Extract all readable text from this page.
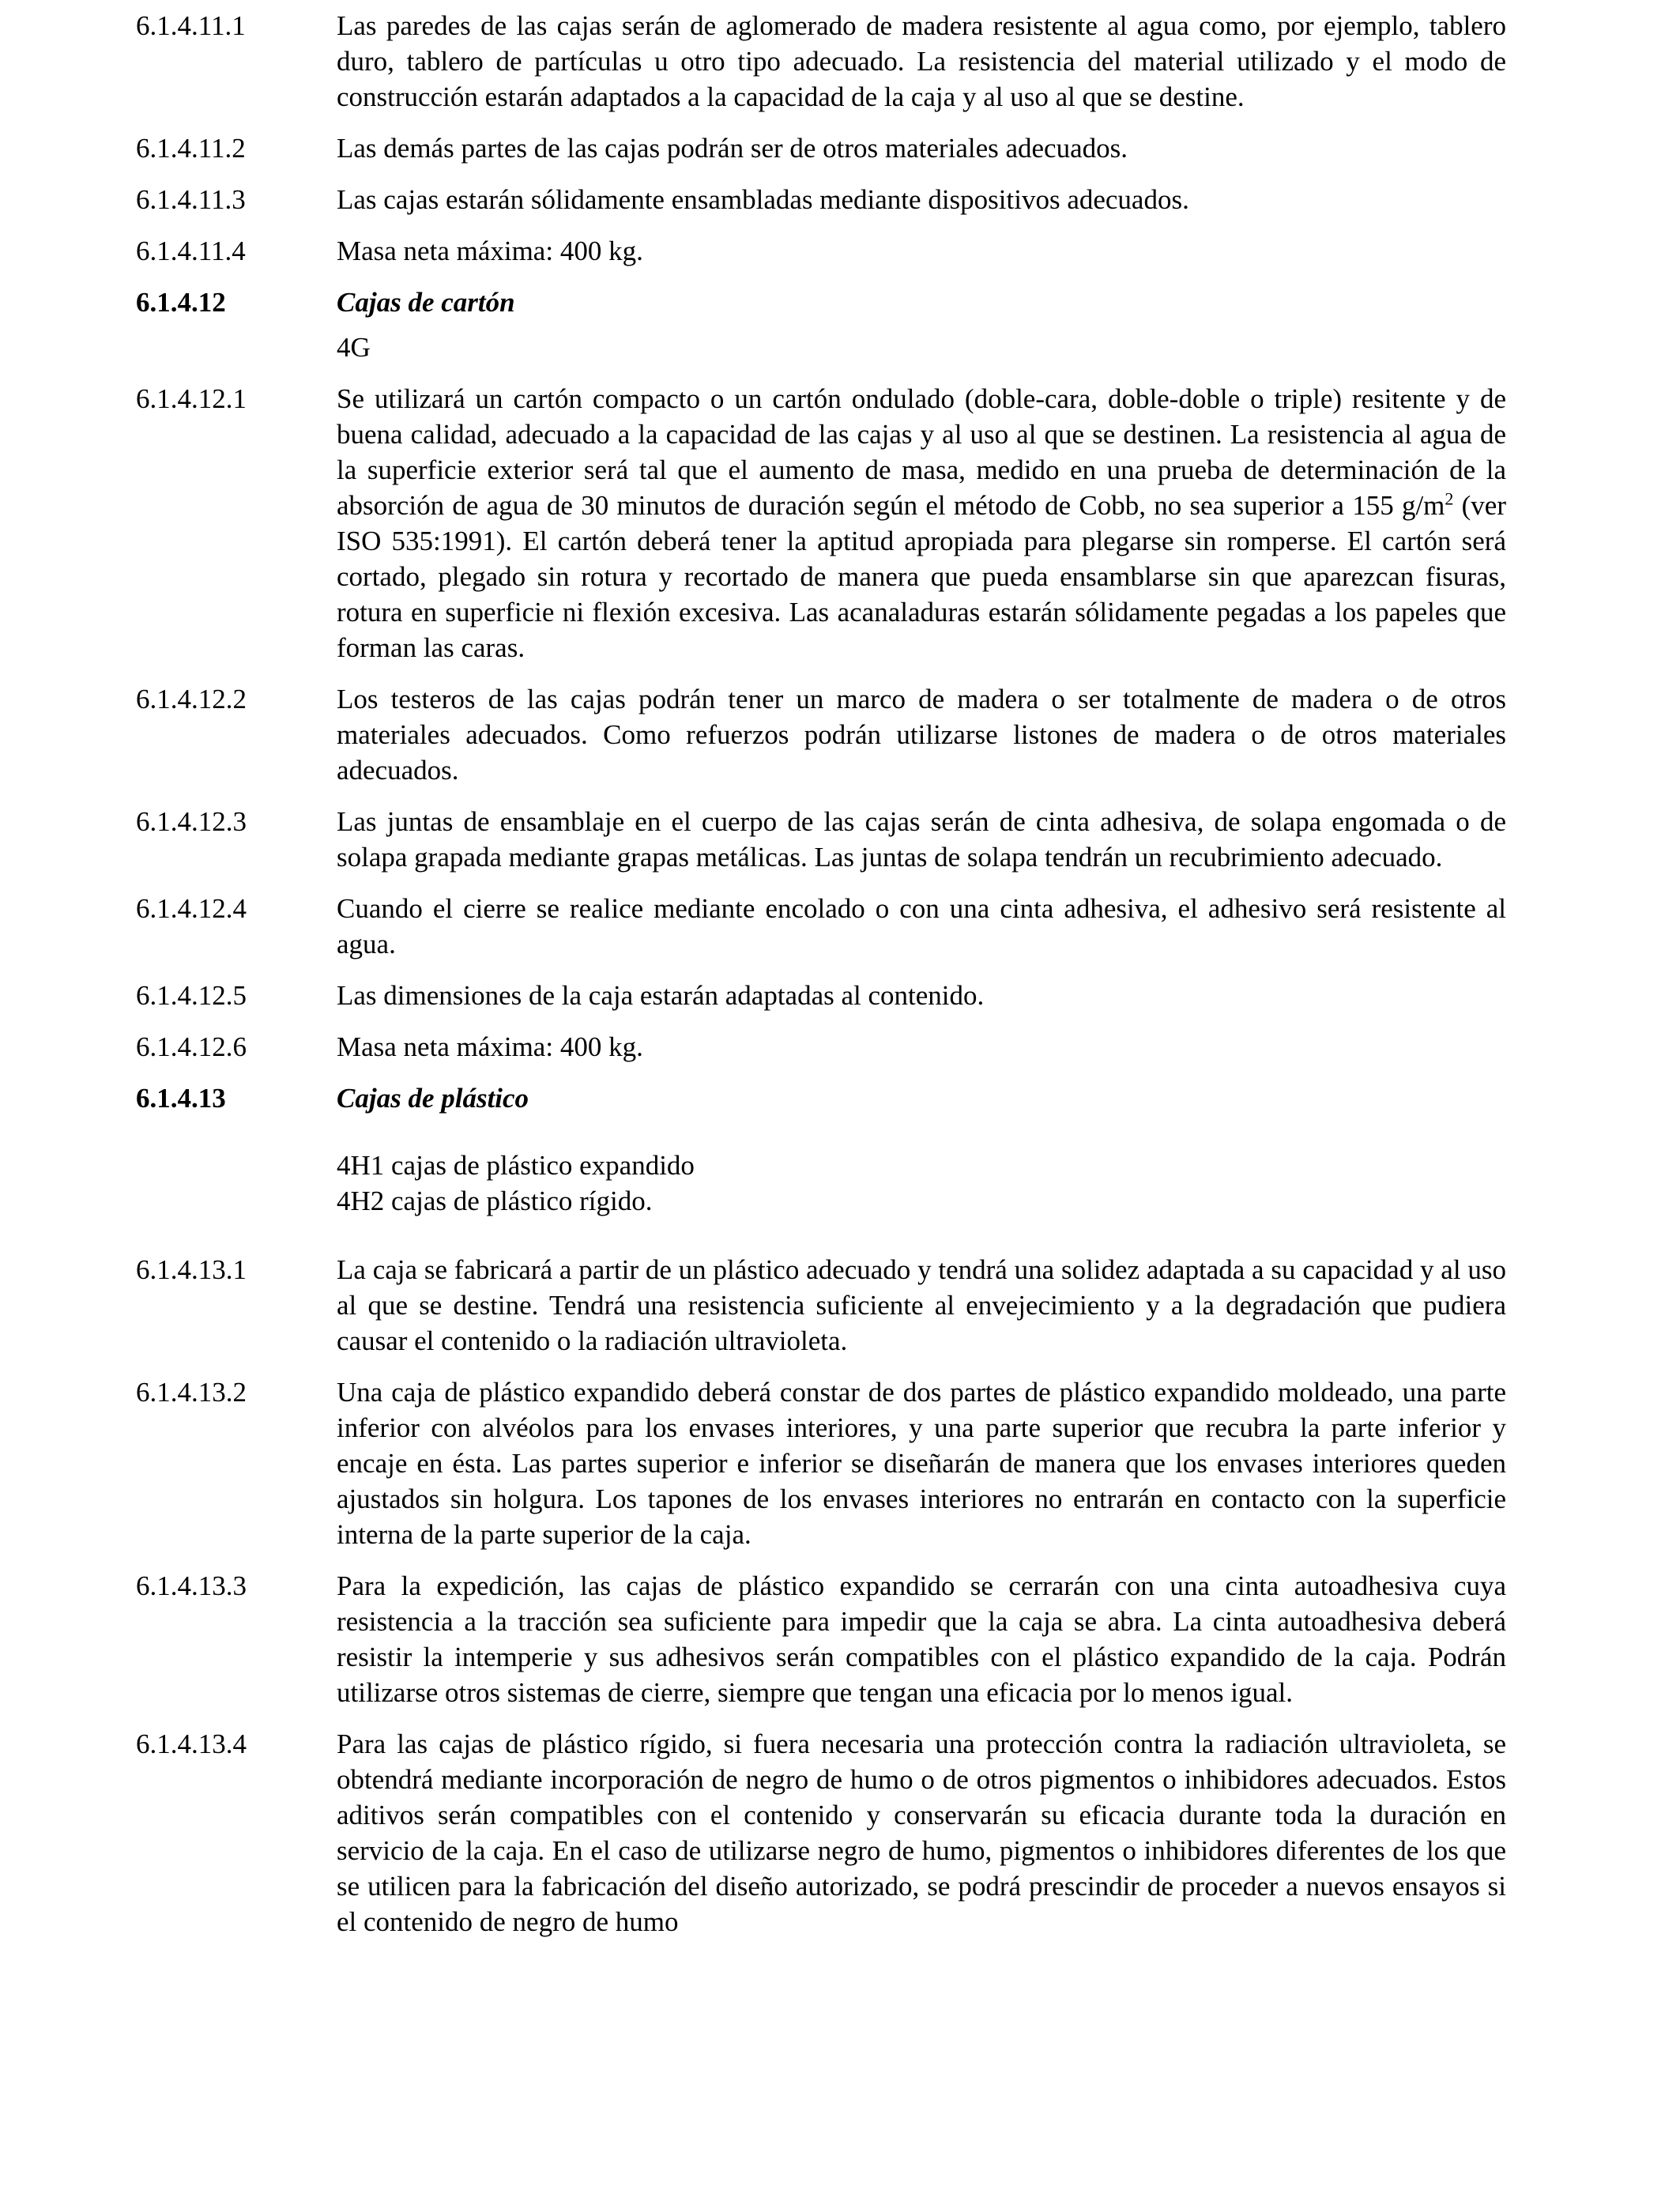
6.1.4.11.1	Las paredes de las cajas serán de aglomerado de madera resistente al agua como, por ejemplo, tablero duro, tablero de partículas u otro tipo adecuado. La resistencia del material utilizado y el modo de construcción estarán adaptados a la capacidad de la caja y al uso al que se destine.
6.1.4.11.2	Las demás partes de las cajas podrán ser de otros materiales adecuados.
6.1.4.11.3	Las cajas estarán sólidamente ensambladas mediante dispositivos adecuados.
6.1.4.11.4	Masa neta máxima: 400 kg.
6.1.4.12	Cajas de cartón
4G
6.1.4.12.1	Se utilizará un cartón compacto o un cartón ondulado (doble-cara, doble-doble o triple) resitente y de buena calidad, adecuado a la capacidad de las cajas y al uso al que se destinen. La resistencia al agua de la superficie exterior será tal que el aumento de masa, medido en una prueba de determinación de la absorción de agua de 30 minutos de duración según el método de Cobb, no sea superior a 155 $g/m^2$ (ver ISO 535:1991). El cartón deberá tener la aptitud apropiada para plegarse sin romperse. El cartón será cortado, plegado sin rotura y recortado de manera que pueda ensamblarse sin que aparezcan fisuras, rotura en superficie ni flexión excesiva. Las acanaladuras estarán sólidamente pegadas a los papeles que forman las caras.
6.1.4.12.2	Los testeros de las cajas podrán tener un marco de madera o ser totalmente de madera o de otros materiales adecuados. Como refuerzos podrán utilizarse listones de madera o de otros materiales adecuados.
6.1.4.12.3	Las juntas de ensamblaje en el cuerpo de las cajas serán de cinta adhesiva, de solapa engomada o de solapa grapada mediante grapas metálicas. Las juntas de solapa tendrán un recubrimiento adecuado.
6.1.4.12.4	Cuando el cierre se realice mediante encolado o con una cinta adhesiva, el adhesivo será resistente al agua.
6.1.4.12.5	Las dimensiones de la caja estarán adaptadas al contenido.
6.1.4.12.6	Masa neta máxima: 400 kg.
6.1.4.13	Cajas de plástico
4H1 cajas de plástico expandido
4H2 cajas de plástico rígido.
6.1.4.13.1	La caja se fabricará a partir de un plástico adecuado y tendrá una solidez adaptada a su capacidad y al uso al que se destine. Tendrá una resistencia suficiente al envejecimiento y a la degradación que pudiera causar el contenido o la radiación ultravioleta.
6.1.4.13.2	Una caja de plástico expandido deberá constar de dos partes de plástico expandido moldeado, una parte inferior con alvéolos para los envases interiores, y una parte superior que recubra la parte inferior y encaje en ésta. Las partes superior e inferior se diseñarán de manera que los envases interiores queden ajustados sin holgura. Los tapones de los envases interiores no entrarán en contacto con la superficie interna de la parte superior de la caja.
6.1.4.13.3	Para la expedición, las cajas de plástico expandido se cerrarán con una cinta autoadhesiva cuya resistencia a la tracción sea suficiente para impedir que la caja se abra. La cinta autoadhesiva deberá resistir la intemperie y sus adhesivos serán compatibles con el plástico expandido de la caja. Podrán utilizarse otros sistemas de cierre, siempre que tengan una eficacia por lo menos igual.
6.1.4.13.4	Para las cajas de plástico rígido, si fuera necesaria una protección contra la radiación ultravioleta, se obtendrá mediante incorporación de negro de humo o de otros pigmentos o inhibidores adecuados. Estos aditivos serán compatibles con el contenido y conservarán su eficacia durante toda la duración en servicio de la caja. En el caso de utilizarse negro de humo, pigmentos o inhibidores diferentes de los que se utilicen para la fabricación del diseño autorizado, se podrá prescindir de proceder a nuevos ensayos si el contenido de negro de humo
